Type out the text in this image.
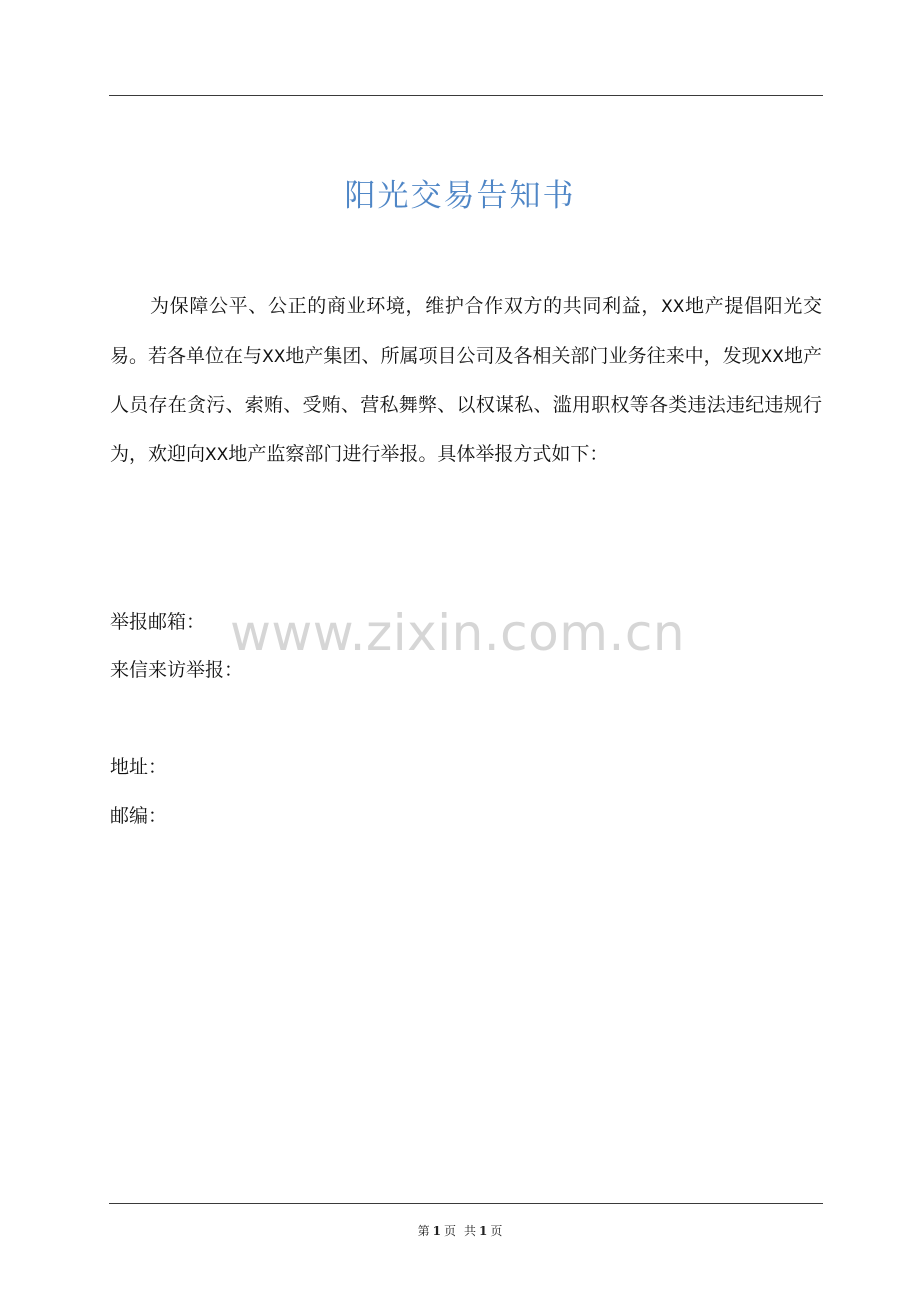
阳光交易告知书

为保障公平、公正的商业环境，维护合作双方的共同利益，XX地产提倡阳光交易。若各单位在与XX地产集团、所属项目公司及各相关部门业务往来中，发现XX地产人员存在贪污、索贿、受贿、营私舞弊、以权谋私、滥用职权等各类违法违纪违规行为，欢迎向XX地产监察部门进行举报。具体举报方式如下：

www.zixin.com.cn

举报邮箱：

来信来访举报：

地址：

邮编：

第 1 页 共 1 页
